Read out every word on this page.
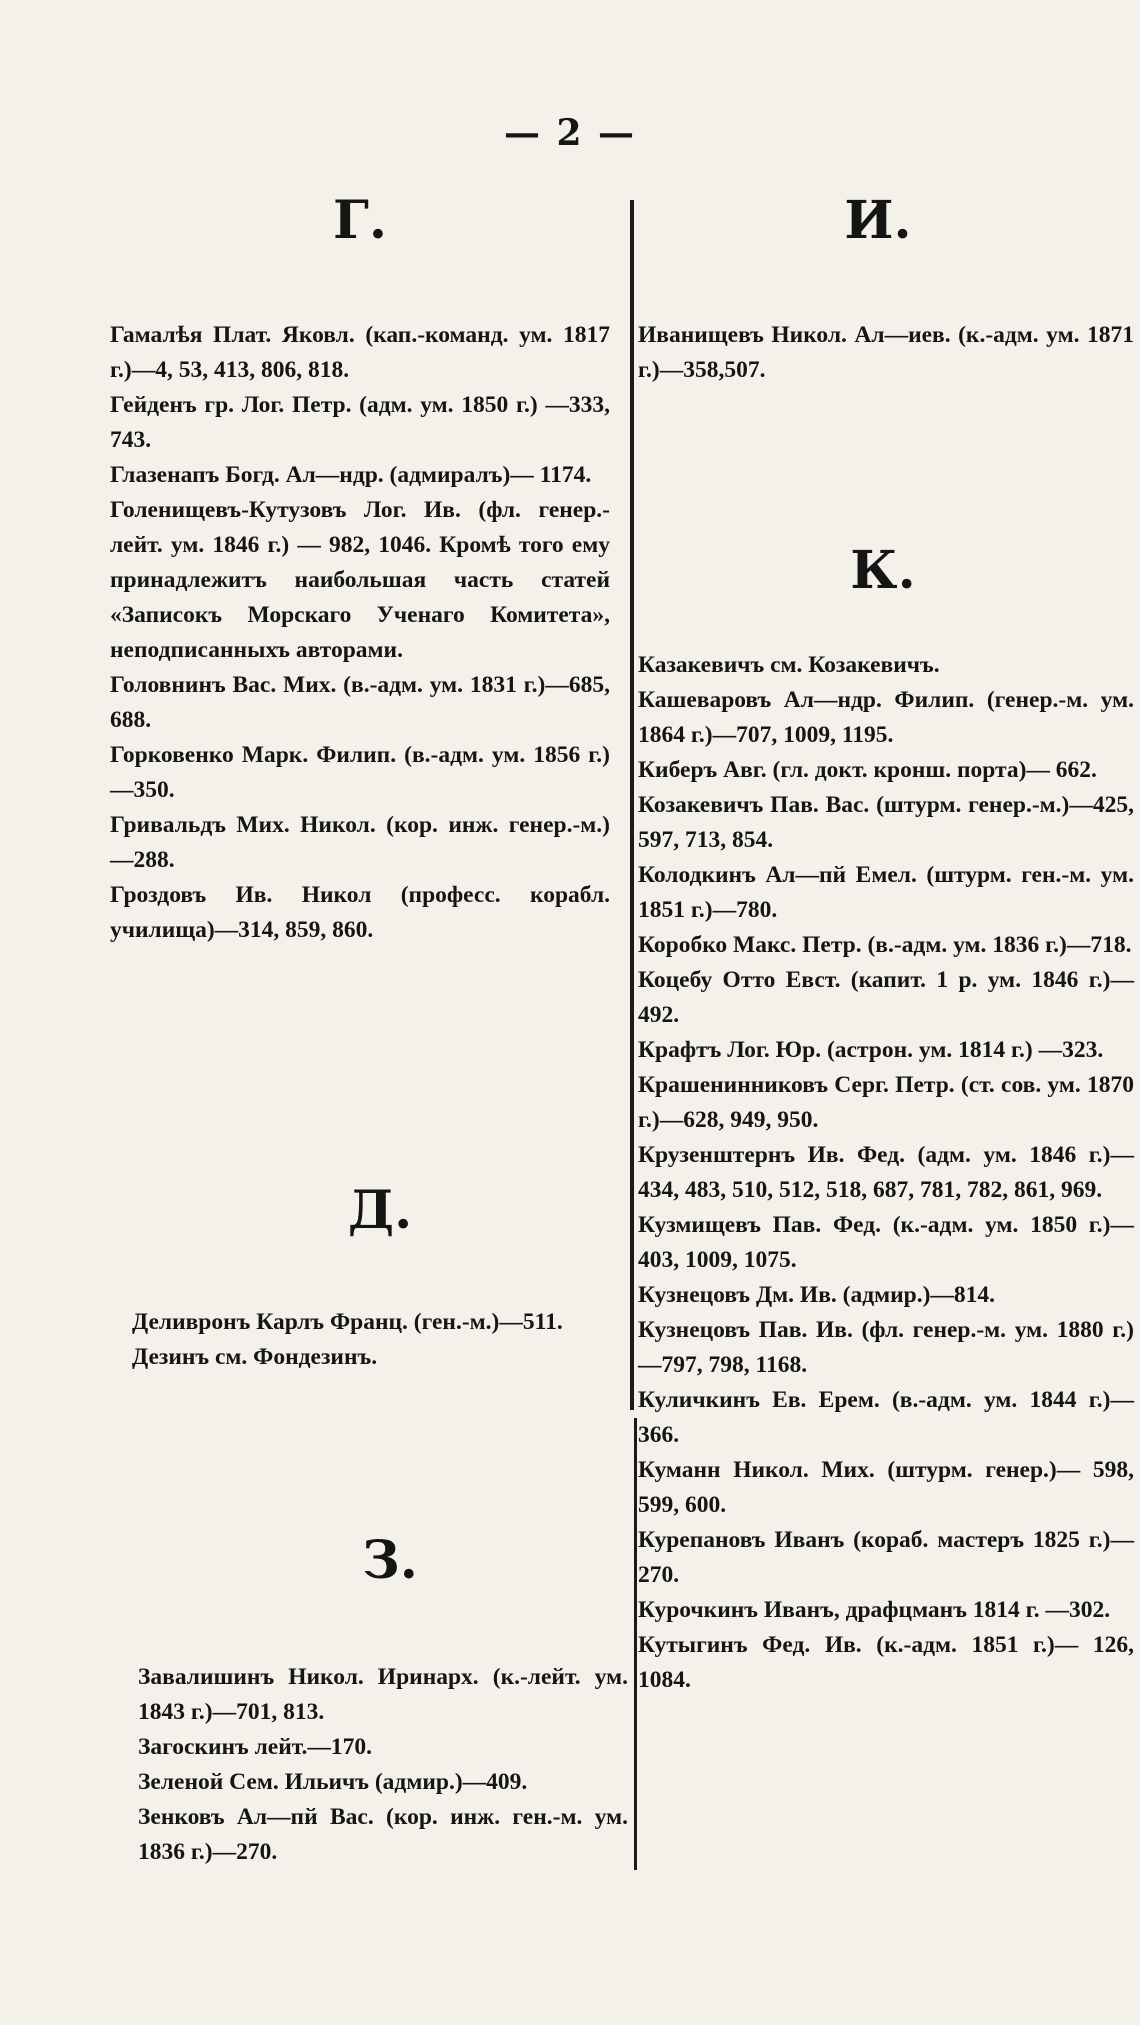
— 2 —
Г.

Гамалѣя Плат. Яковл. (кап.-команд. ум. 1817 г.)—4, 53, 413, 806, 818.

Гейденъ гр. Лог. Петр. (адм. ум. 1850 г.) —333, 743.

Глазенапъ Богд. Ал—ндр. (адмиралъ)— 1174.

Голенищевъ-Кутузовъ Лог. Ив. (фл. генер.-лейт. ум. 1846 г.) — 982, 1046. Кромѣ того ему принадлежитъ наибольшая часть статей «Записокъ Морскаго Ученаго Комитета», неподписанныхъ авторами.

Головнинъ Вас. Мих. (в.-адм. ум. 1831 г.)—685, 688.

Горковенко Марк. Филип. (в.-адм. ум. 1856 г.)—350.

Гривальдъ Мих. Никол. (кор. инж. генер.-м.)—288.

Гроздовъ Ив. Никол (професс. корабл. училища)—314, 859, 860.

Д.

Деливронъ Карлъ Франц. (ген.-м.)—511.

Дезинъ см. Фондезинъ.

З.

Завалишинъ Никол. Иринарх. (к.-лейт. ум. 1843 г.)—701, 813.

Загоскинъ лейт.—170.

Зеленой Сем. Ильичъ (адмир.)—409.

Зенковъ Ал—пй Вас. (кор. инж. ген.-м. ум. 1836 г.)—270.

И.

Иванищевъ Никол. Ал—иев. (к.-адм. ум. 1871 г.)—358,507.

К.

Казакевичъ см. Козакевичъ.

Кашеваровъ Ал—ндр. Филип. (генер.-м. ум. 1864 г.)—707, 1009, 1195.

Киберъ Авг. (гл. докт. кронш. порта)— 662.

Козакевичъ Пав. Вас. (штурм. генер.-м.)—425, 597, 713, 854.

Колодкинъ Ал—пй Емел. (штурм. ген.-м. ум. 1851 г.)—780.

Коробко Макс. Петр. (в.-адм. ум. 1836 г.)—718.

Коцебу Отто Евст. (капит. 1 р. ум. 1846 г.)—492.

Крафтъ Лог. Юр. (астрон. ум. 1814 г.) —323.

Крашенинниковъ Серг. Петр. (ст. сов. ум. 1870 г.)—628, 949, 950.

Крузенштернъ Ив. Фед. (адм. ум. 1846 г.)—434, 483, 510, 512, 518, 687, 781, 782, 861, 969.

Кузмищевъ Пав. Фед. (к.-адм. ум. 1850 г.)—403, 1009, 1075.

Кузнецовъ Дм. Ив. (адмир.)—814.

Кузнецовъ Пав. Ив. (фл. генер.-м. ум. 1880 г.)—797, 798, 1168.

Куличкинъ Ев. Ерем. (в.-адм. ум. 1844 г.)—366.

Куманн Никол. Мих. (штурм. генер.)— 598, 599, 600.

Курепановъ Иванъ (кораб. мастеръ 1825 г.)—270.

Курочкинъ Иванъ, драфцманъ 1814 г. —302.

Кутыгинъ Фед. Ив. (к.-адм. 1851 г.)— 126, 1084.
